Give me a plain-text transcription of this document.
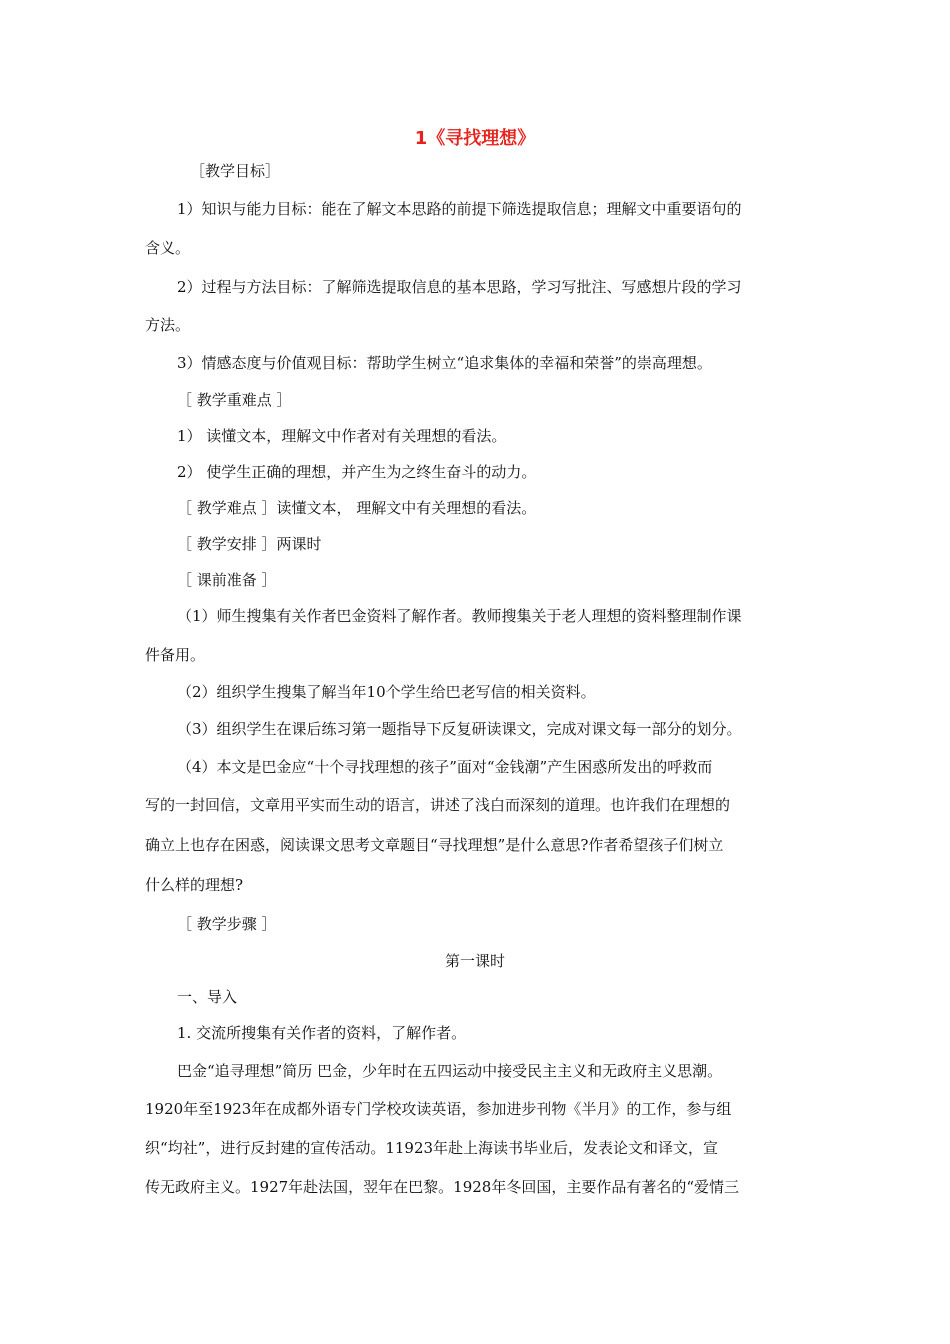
1《寻找理想》
［教学目标］
1）知识与能力目标：能在了解文本思路的前提下筛选提取信息；理解文中重要语句的
含义。
2）过程与方法目标：了解筛选提取信息的基本思路，学习写批注、写感想片段的学习
方法。
3）情感态度与价值观目标：帮助学生树立“追求集体的幸福和荣誉”的崇高理想。
［ 教学重难点 ］
1） 读懂文本，理解文中作者对有关理想的看法。
2） 使学生正确的理想，并产生为之终生奋斗的动力。
［ 教学难点 ］读懂文本， 理解文中有关理想的看法。
［ 教学安排 ］两课时
［ 课前准备 ］
（1）师生搜集有关作者巴金资料了解作者。教师搜集关于老人理想的资料整理制作课
件备用。
（2）组织学生搜集了解当年10个学生给巴老写信的相关资料。
（3）组织学生在课后练习第一题指导下反复研读课文，完成对课文每一部分的划分。
（4）本文是巴金应“十个寻找理想的孩子”面对“金钱潮”产生困惑所发出的呼救而
写的一封回信，文章用平实而生动的语言，讲述了浅白而深刻的道理。也许我们在理想的
确立上也存在困惑，阅读课文思考文章题目“寻找理想”是什么意思?作者希望孩子们树立
什么样的理想?
［ 教学步骤 ］
第一课时
一、导入
1. 交流所搜集有关作者的资料，了解作者。
巴金“追寻理想”简历 巴金，少年时在五四运动中接受民主主义和无政府主义思潮。
1920年至1923年在成都外语专门学校攻读英语，参加进步刊物《半月》的工作，参与组
织“均社”，进行反封建的宣传活动。11923年赴上海读书毕业后，发表论文和译文，宣
传无政府主义。1927年赴法国，翌年在巴黎。1928年冬回国，主要作品有著名的“爱情三
